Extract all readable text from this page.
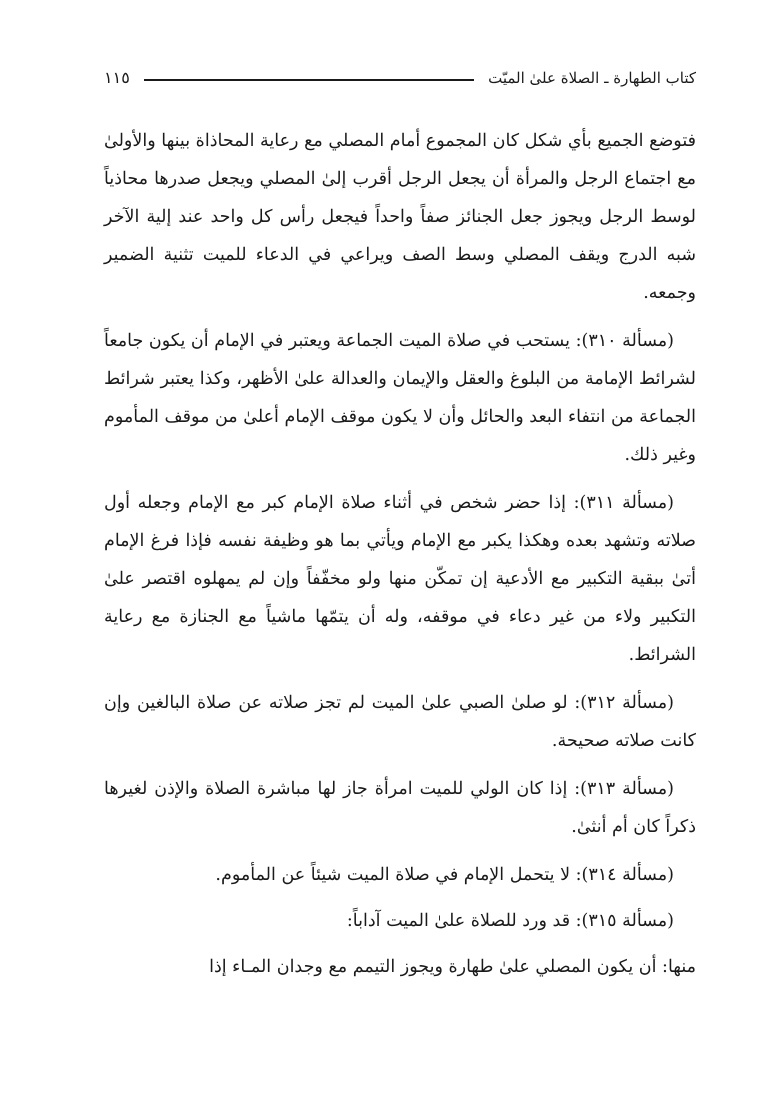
كتاب الطهارة ـ الصلاة علىٰ الميّت
١١٥

فتوضع الجميع بأي شكل كان المجموع أمام المصلي مع رعاية المحاذاة بينها والأولىٰ مع اجتماع الرجل والمرأة أن يجعل الرجل أقرب إلىٰ المصلي ويجعل صدرها محاذياً لوسط الرجل ويجوز جعل الجنائز صفاً واحداً فيجعل رأس كل واحد عند إلية الآخر شبه الدرج ويقف المصلي وسط الصف ويراعي في الدعاء للميت تثنية الضمير وجمعه.

(مسألة ٣١٠): يستحب في صلاة الميت الجماعة ويعتبر في الإمام أن يكون جامعاً لشرائط الإمامة من البلوغ والعقل والإيمان والعدالة علىٰ الأظهر، وكذا يعتبر شرائط الجماعة من انتفاء البعد والحائل وأن لا يكون موقف الإمام أعلىٰ من موقف المأموم وغير ذلك.

(مسألة ٣١١): إذا حضر شخص في أثناء صلاة الإمام كبر مع الإمام وجعله أول صلاته وتشهد بعده وهكذا يكبر مع الإمام ويأتي بما هو وظيفة نفسه فإذا فرغ الإمام أتىٰ ببقية التكبير مع الأدعية إن تمكّن منها ولو مخفّفاً وإن لم يمهلوه اقتصر علىٰ التكبير ولاء من غير دعاء في موقفه، وله أن يتمّها ماشياً مع الجنازة مع رعاية الشرائط.

(مسألة ٣١٢): لو صلىٰ الصبي علىٰ الميت لم تجز صلاته عن صلاة البالغين وإن كانت صلاته صحيحة.

(مسألة ٣١٣): إذا كان الولي للميت امرأة جاز لها مباشرة الصلاة والإذن لغيرها ذكراً كان أم أنثىٰ.

(مسألة ٣١٤): لا يتحمل الإمام في صلاة الميت شيئاً عن المأموم.

(مسألة ٣١٥): قد ورد للصلاة علىٰ الميت آداباً:

منها: أن يكون المصلي علىٰ طهارة ويجوز التيمم مع وجدان المـاء إذا
